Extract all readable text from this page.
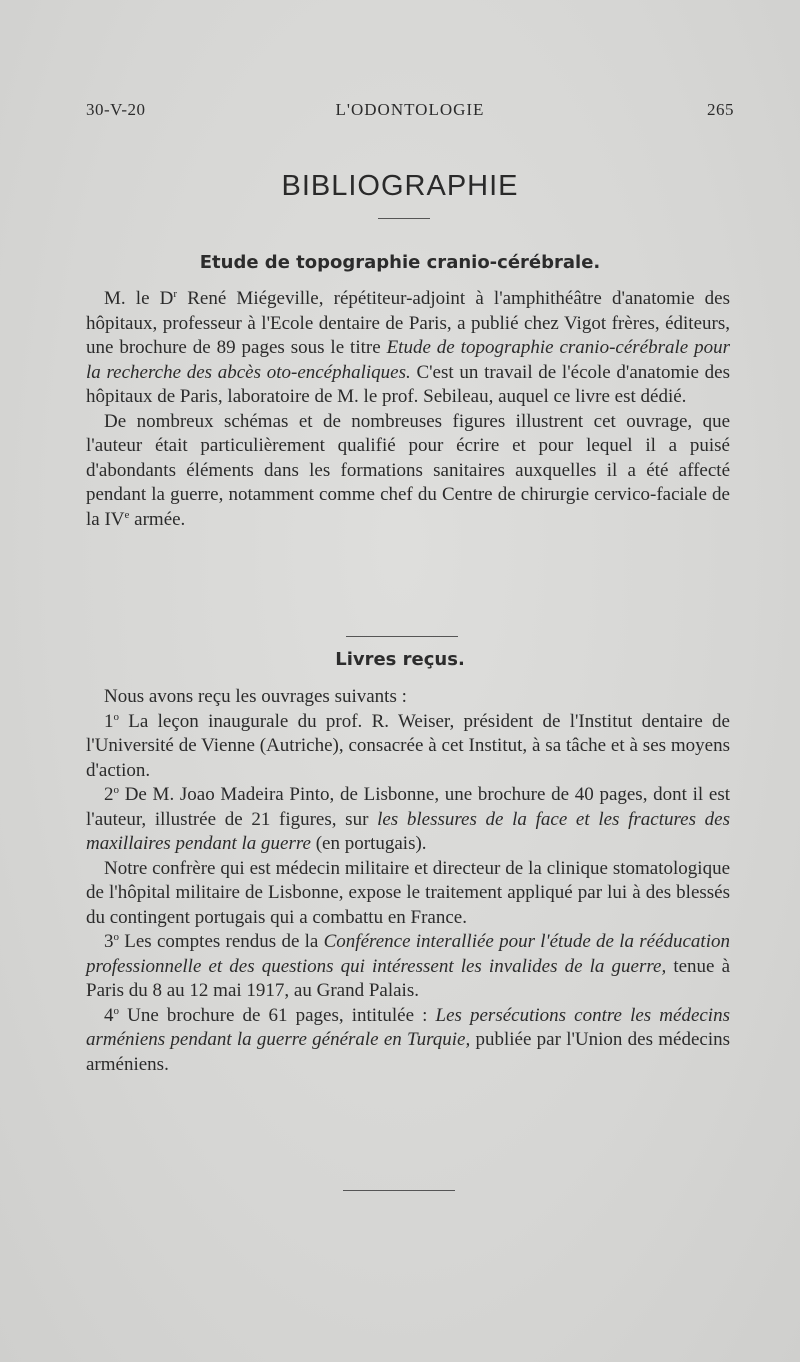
30-V-20	L'ODONTOLOGIE	265
BIBLIOGRAPHIE
Etude de topographie cranio-cérébrale.

M. le $D^r$ René Miégeville, répétiteur-adjoint à l'amphithéâtre d'anatomie des hôpitaux, professeur à l'Ecole dentaire de Paris, a publié chez Vigot frères, éditeurs, une brochure de 89 pages sous le titre Etude de topographie cranio-cérébrale pour la recherche des abcès oto-encéphaliques. C'est un travail de l'école d'anatomie des hôpitaux de Paris, laboratoire de M. le prof. Sebileau, auquel ce livre est dédié.

De nombreux schémas et de nombreuses figures illustrent cet ouvrage, que l'auteur était particulièrement qualifié pour écrire et pour lequel il a puisé d'abondants éléments dans les formations sanitaires auxquelles il a été affecté pendant la guerre, notamment comme chef du Centre de chirurgie cervico-faciale de la IVe armée.

Livres reçus.

Nous avons reçu les ouvrages suivants :

1$^o$ La leçon inaugurale du prof. R. Weiser, président de l'Institut dentaire de l'Université de Vienne (Autriche), consacrée à cet Institut, à sa tâche et à ses moyens d'action.

2$^o$ De M. Joao Madeira Pinto, de Lisbonne, une brochure de 40 pages, dont il est l'auteur, illustrée de 21 figures, sur les blessures de la face et les fractures des maxillaires pendant la guerre (en portugais).

Notre confrère qui est médecin militaire et directeur de la clinique stomatologique de l'hôpital militaire de Lisbonne, expose le traitement appliqué par lui à des blessés du contingent portugais qui a combattu en France.

3$^o$ Les comptes rendus de la Conférence interalliée pour l'étude de la rééducation professionnelle et des questions qui intéressent les invalides de la guerre, tenue à Paris du 8 au 12 mai 1917, au Grand Palais.

4$^o$ Une brochure de 61 pages, intitulée : Les persécutions contre les médecins arméniens pendant la guerre générale en Turquie, publiée par l'Union des médecins arméniens.
